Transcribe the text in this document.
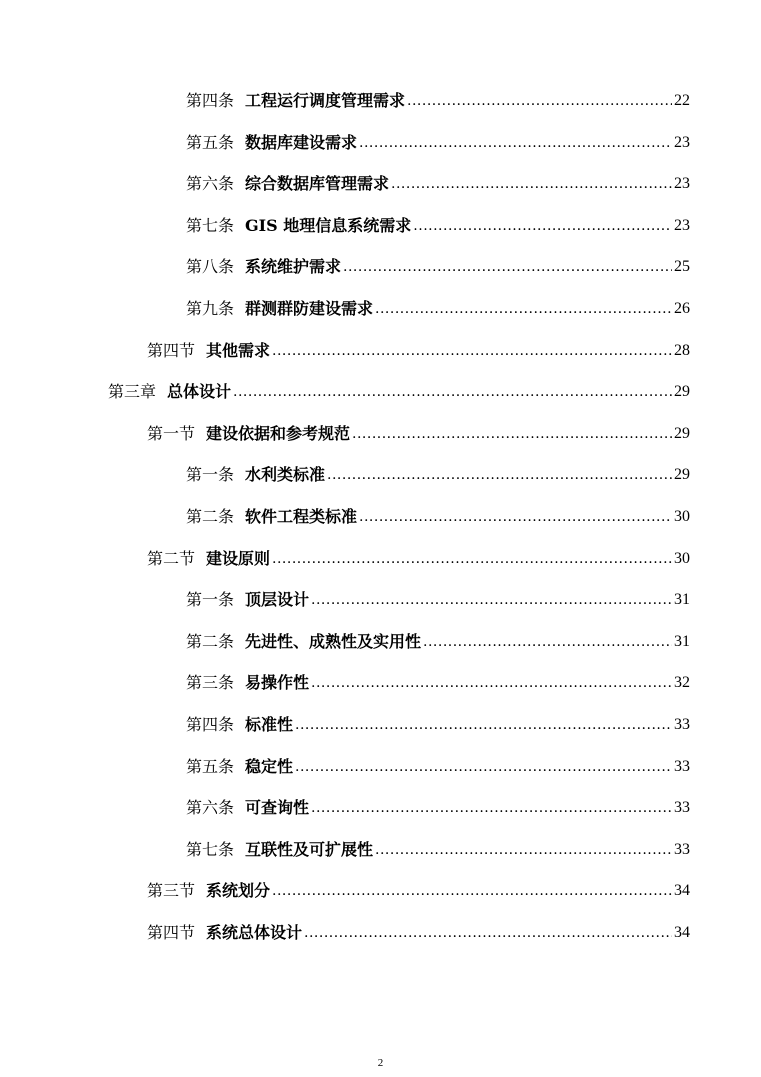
第四条 工程运行调度管理需求 .....	22
第五条 数据库建设需求 .....	23
第六条 综合数据库管理需求 .....	23
第七条 GIS 地理信息系统需求 .....	23
第八条 系统维护需求 .....	25
第九条 群测群防建设需求 .....	26
第四节 其他需求 .....	28
第三章 总体设计 .....	29
第一节 建设依据和参考规范 .....	29
第一条 水利类标准 .....	29
第二条 软件工程类标准 .....	30
第二节 建设原则 .....	30
第一条 顶层设计 .....	31
第二条 先进性、成熟性及实用性 .....	31
第三条 易操作性 .....	32
第四条 标准性 .....	33
第五条 稳定性 .....	33
第六条 可查询性 .....	33
第七条 互联性及可扩展性 .....	33
第三节 系统划分 .....	34
第四节 系统总体设计 .....	34
2
